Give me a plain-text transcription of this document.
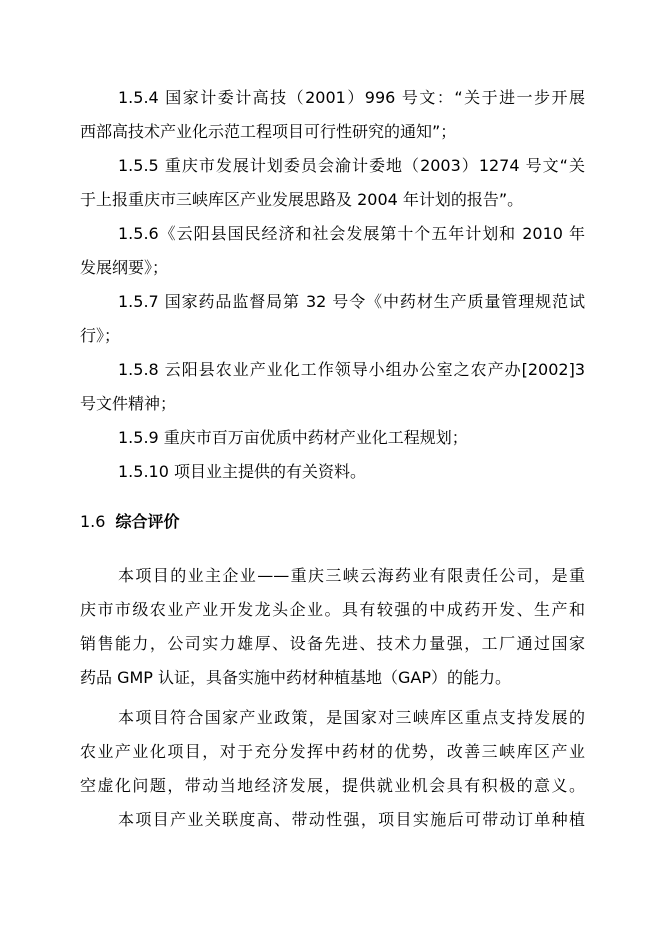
1.5.4 国家计委计高技（2001）996 号文：“关于进一步开展
西部高技术产业化示范工程项目可行性研究的通知”；
1.5.5 重庆市发展计划委员会渝计委地（2003）1274 号文“关
于上报重庆市三峡库区产业发展思路及 2004 年计划的报告”。
1.5.6《云阳县国民经济和社会发展第十个五年计划和 2010 年
发展纲要》；
1.5.7 国家药品监督局第 32 号令《中药材生产质量管理规范试
行》；
1.5.8 云阳县农业产业化工作领导小组办公室之农产办[2002]3
号文件精神；
1.5.9 重庆市百万亩优质中药材产业化工程规划；
1.5.10 项目业主提供的有关资料。
1.6 综合评价
本项目的业主企业——重庆三峡云海药业有限责任公司，是重
庆市市级农业产业开发龙头企业。具有较强的中成药开发、生产和
销售能力，公司实力雄厚、设备先进、技术力量强，工厂通过国家
药品 GMP 认证，具备实施中药材种植基地（GAP）的能力。
本项目符合国家产业政策，是国家对三峡库区重点支持发展的
农业产业化项目，对于充分发挥中药材的优势，改善三峡库区产业
空虚化问题，带动当地经济发展，提供就业机会具有积极的意义。
本项目产业关联度高、带动性强，项目实施后可带动订单种植
